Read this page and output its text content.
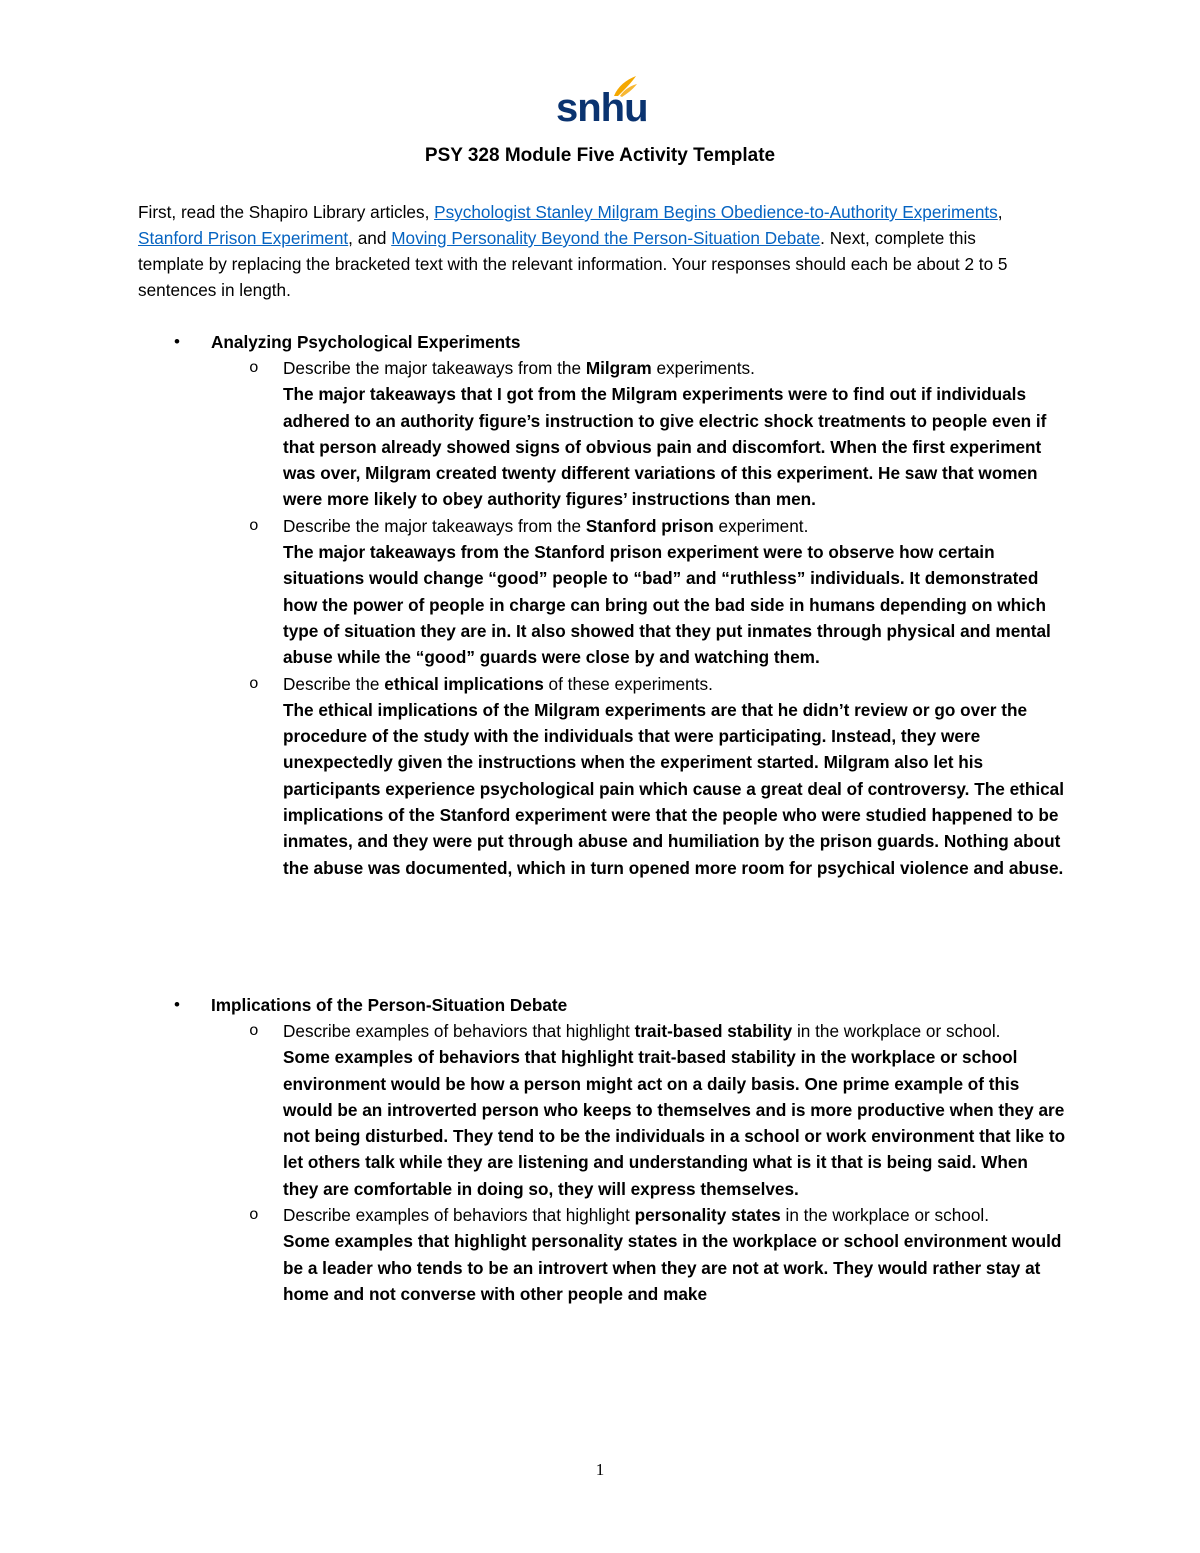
snhu
PSY 328 Module Five Activity Template
First, read the Shapiro Library articles, Psychologist Stanley Milgram Begins Obedience-to-Authority Experiments, Stanford Prison Experiment, and Moving Personality Beyond the Person-Situation Debate. Next, complete this template by replacing the bracketed text with the relevant information. Your responses should each be about 2 to 5 sentences in length.
• Analyzing Psychological Experiments
o Describe the major takeaways from the Milgram experiments.
The major takeaways that I got from the Milgram experiments were to find out if individuals adhered to an authority figure’s instruction to give electric shock treatments to people even if that person already showed signs of obvious pain and discomfort. When the first experiment was over, Milgram created twenty different variations of this experiment. He saw that women were more likely to obey authority figures’ instructions than men.
o Describe the major takeaways from the Stanford prison experiment.
The major takeaways from the Stanford prison experiment were to observe how certain situations would change “good” people to “bad” and “ruthless” individuals. It demonstrated how the power of people in charge can bring out the bad side in humans depending on which type of situation they are in. It also showed that they put inmates through physical and mental abuse while the “good” guards were close by and watching them.
o Describe the ethical implications of these experiments.
The ethical implications of the Milgram experiments are that he didn’t review or go over the procedure of the study with the individuals that were participating. Instead, they were unexpectedly given the instructions when the experiment started. Milgram also let his participants experience psychological pain which cause a great deal of controversy. The ethical implications of the Stanford experiment were that the people who were studied happened to be inmates, and they were put through abuse and humiliation by the prison guards. Nothing about the abuse was documented, which in turn opened more room for psychical violence and abuse.
• Implications of the Person-Situation Debate
o Describe examples of behaviors that highlight trait-based stability in the workplace or school.
Some examples of behaviors that highlight trait-based stability in the workplace or school environment would be how a person might act on a daily basis. One prime example of this would be an introverted person who keeps to themselves and is more productive when they are not being disturbed. They tend to be the individuals in a school or work environment that like to let others talk while they are listening and understanding what is it that is being said. When they are comfortable in doing so, they will express themselves.
o Describe examples of behaviors that highlight personality states in the workplace or school.
Some examples that highlight personality states in the workplace or school environment would be a leader who tends to be an introvert when they are not at work. They would rather stay at home and not converse with other people and make
1
